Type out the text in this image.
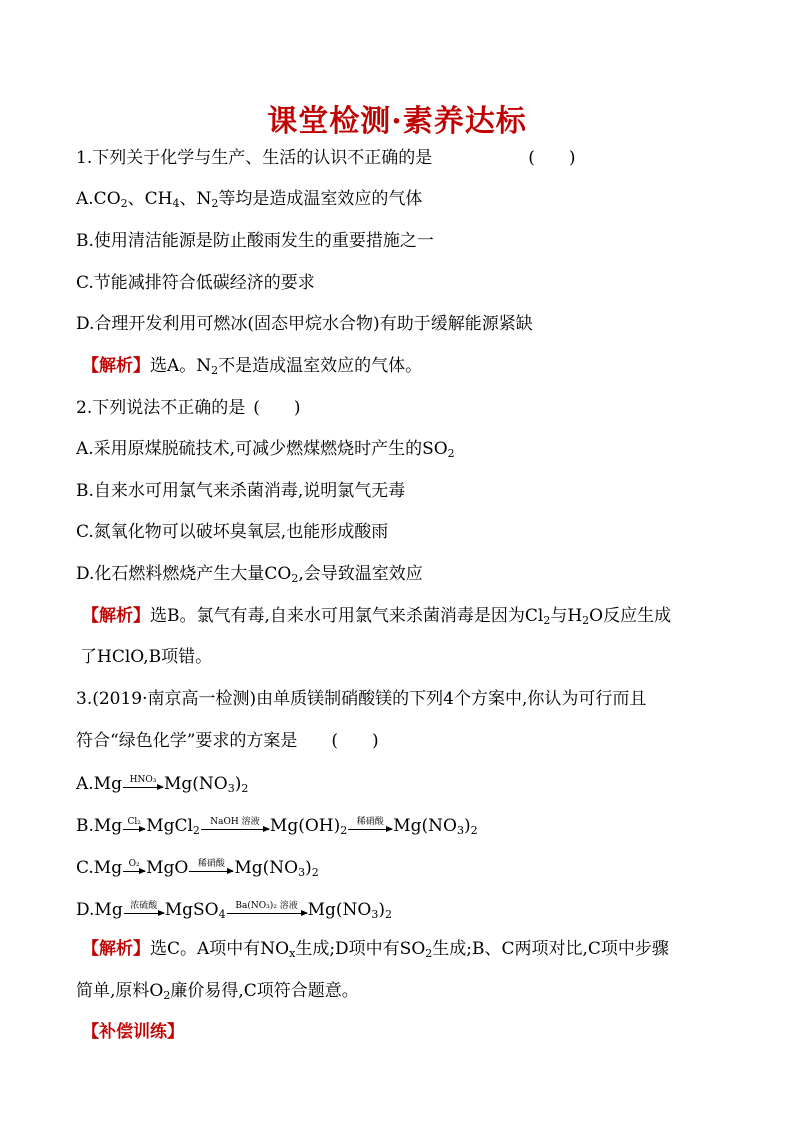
课堂检测·素养达标
1.下列关于化学与生产、生活的认识不正确的是	(　　)
$A.CO_2$、$CH_4$、$N_2$等均是造成温室效应的气体
B.使用清洁能源是防止酸雨发生的重要措施之一
C.节能减排符合低碳经济的要求
D.合理开发利用可燃冰(固态甲烷水合物)有助于缓解能源紧缺
【解析】选A。$N_2$不是造成温室效应的气体。
2.下列说法不正确的是 (　　)
A.采用原煤脱硫技术,可减少燃煤燃烧时产生的$SO_2$
B.自来水可用氯气来杀菌消毒,说明氯气无毒
C.氮氧化物可以破坏臭氧层,也能形成酸雨
D.化石燃料燃烧产生大量$CO_2$,会导致温室效应
【解析】选B。氯气有毒,自来水可用氯气来杀菌消毒是因为$Cl_2$与$H_2O$反应生成
了HClO,B项错。
3.(2019·南京高一检测)由单质镁制硝酸镁的下列4个方案中,你认为可行而且
符合“绿色化学”要求的方案是 (　　)
A.Mg HNO₃ $Mg(NO_3)_2$
B.Mg Cl₂ MgCl$_2$
NaOH 溶液 $Mg(OH)_2$
稀硝酸 $Mg(NO_3)_2$
C.Mg O₂ MgO	稀硝酸 $Mg(NO_3)_2$
D.Mg 浓硫酸 MgSO$_4$
Ba(NO₃)₂ 溶液 $Mg(NO_3)_2$
【解析】选C。A项中有$NO_x$生成;D项中有$SO_2$生成;B、C两项对比,C项中步骤
简单,原料$O_2$廉价易得,C项符合题意。
【补偿训练】
